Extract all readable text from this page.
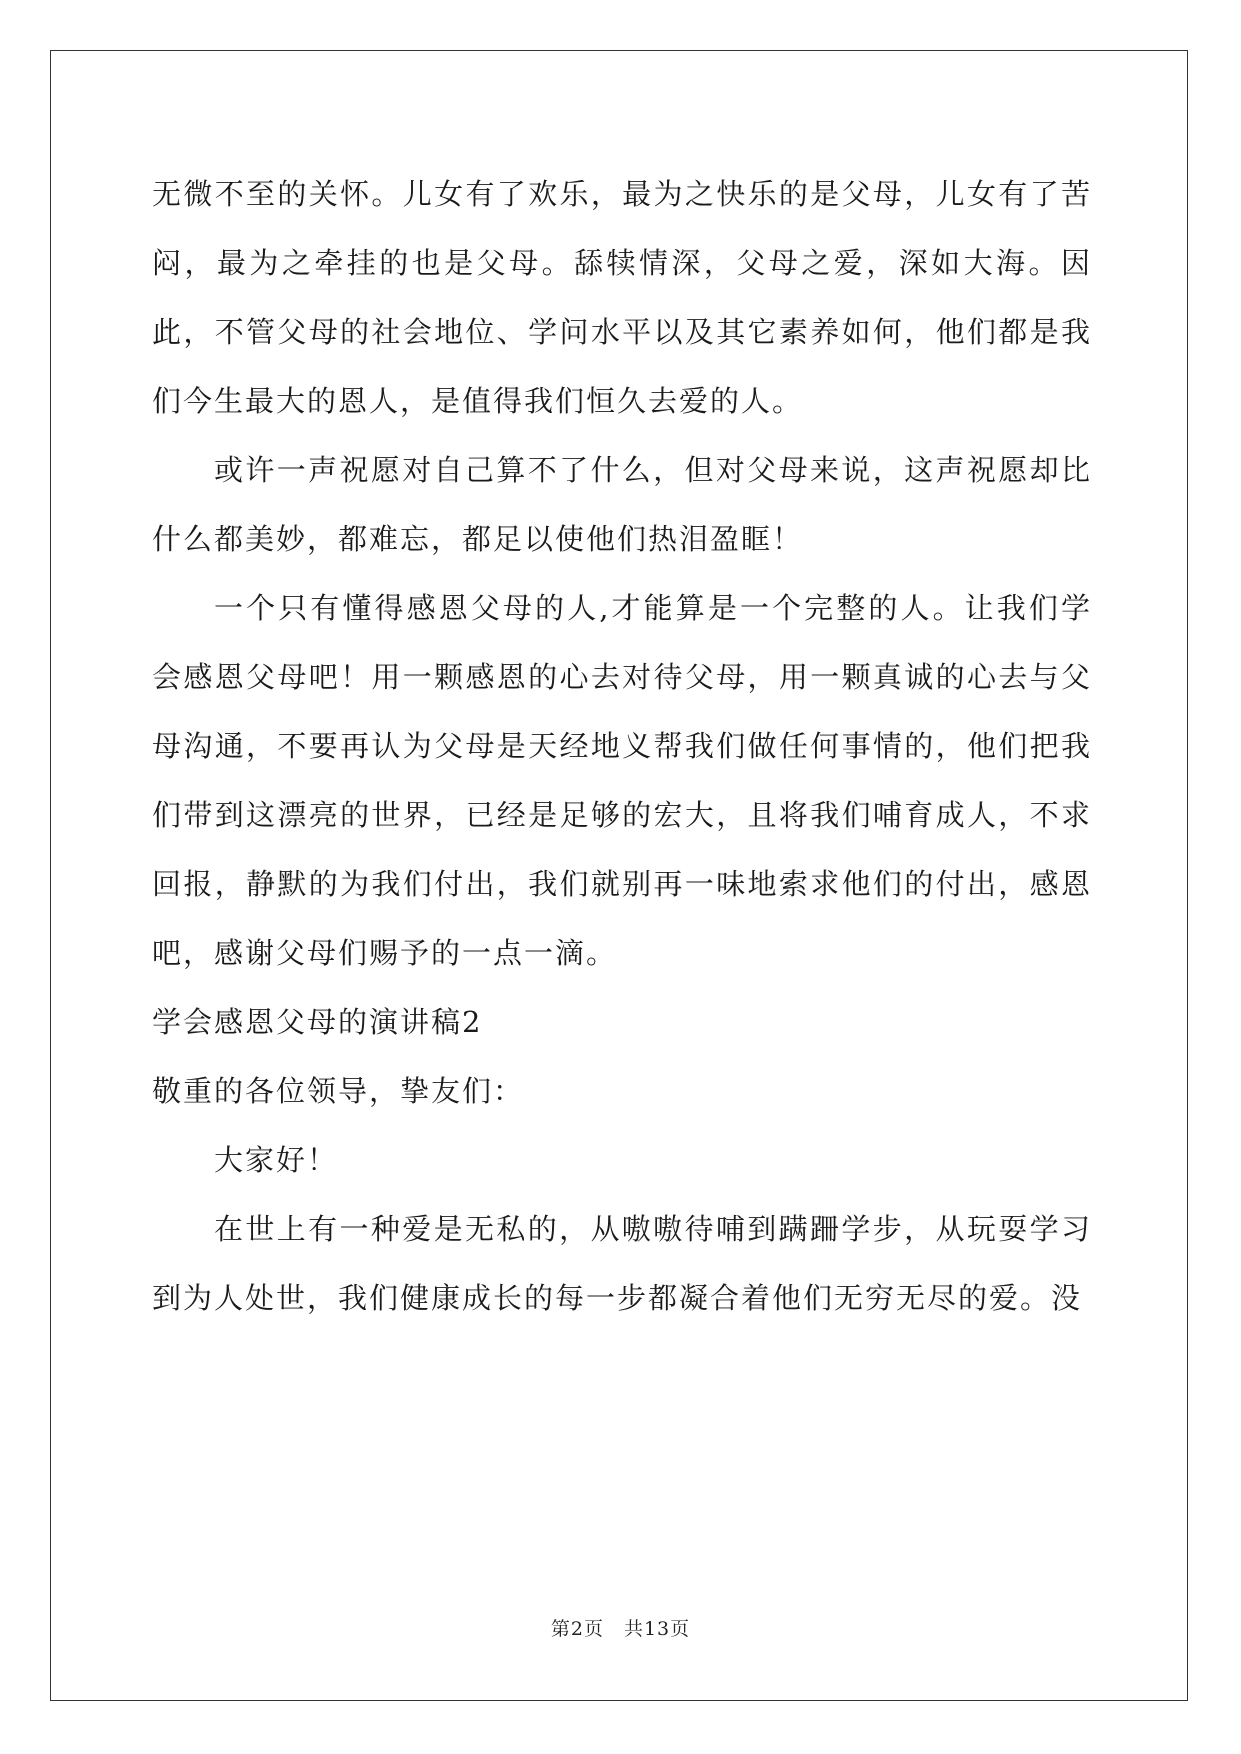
无微不至的关怀。儿女有了欢乐，最为之快乐的是父母，儿女有了苦闷，最为之牵挂的也是父母。舔犊情深，父母之爱，深如大海。因此，不管父母的社会地位、学问水平以及其它素养如何，他们都是我们今生最大的恩人，是值得我们恒久去爱的人。

或许一声祝愿对自己算不了什么，但对父母来说，这声祝愿却比什么都美妙，都难忘，都足以使他们热泪盈眶！

一个只有懂得感恩父母的人,才能算是一个完整的人。让我们学会感恩父母吧！用一颗感恩的心去对待父母，用一颗真诚的心去与父母沟通，不要再认为父母是天经地义帮我们做任何事情的，他们把我们带到这漂亮的世界，已经是足够的宏大，且将我们哺育成人，不求回报，静默的为我们付出，我们就别再一味地索求他们的付出，感恩吧，感谢父母们赐予的一点一滴。

学会感恩父母的演讲稿2

敬重的各位领导，挚友们：

大家好！

在世上有一种爱是无私的，从嗷嗷待哺到蹒跚学步，从玩耍学习到为人处世，我们健康成长的每一步都凝合着他们无穷无尽的爱。没

第2页　共13页
